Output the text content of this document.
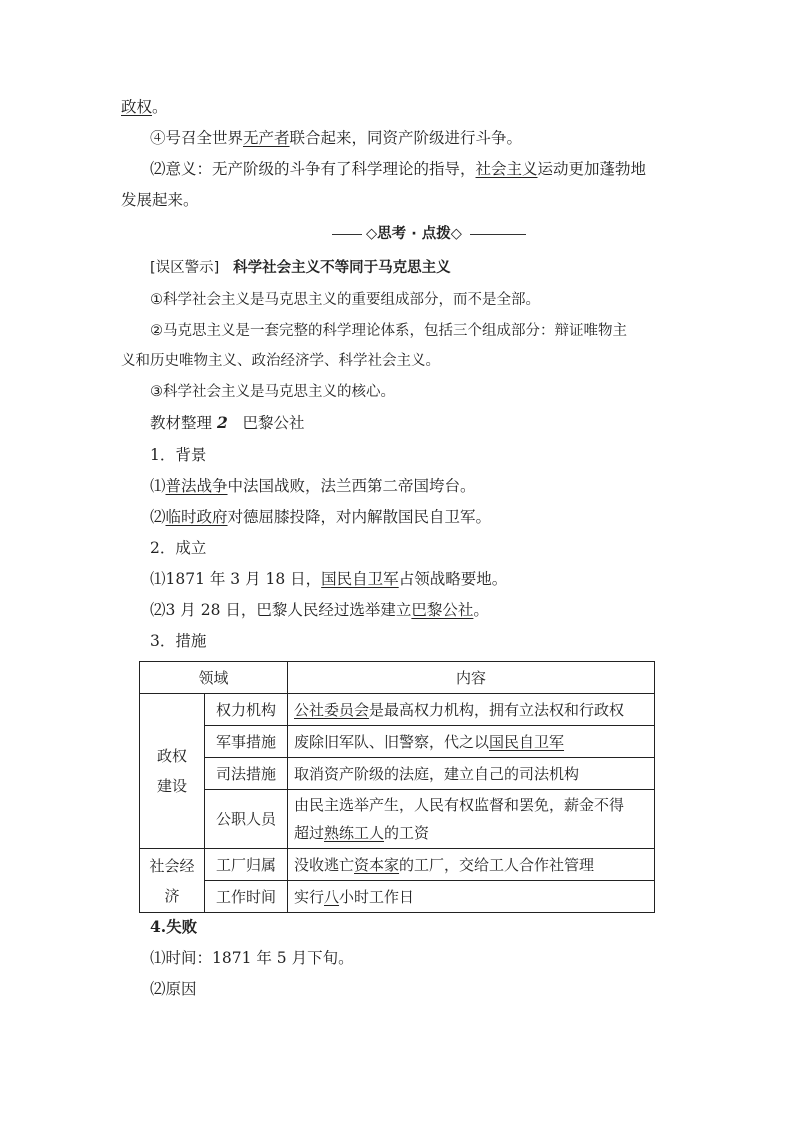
政权。
④号召全世界无产者联合起来，同资产阶级进行斗争。
⑵意义：无产阶级的斗争有了科学理论的指导，社会主义运动更加蓬勃地
发展起来。
◇思考 · 点拨◇
[误区警示] 科学社会主义不等同于马克思主义
①科学社会主义是马克思主义的重要组成部分，而不是全部。
②马克思主义是一套完整的科学理论体系，包括三个组成部分：辩证唯物主
义和历史唯物主义、政治经济学、科学社会主义。
③科学社会主义是马克思主义的核心。
教材整理 2 巴黎公社
1．背景
⑴普法战争中法国战败，法兰西第二帝国垮台。
⑵临时政府对德屈膝投降，对内解散国民自卫军。
2．成立
⑴1871 年 3 月 18 日，国民自卫军占领战略要地。
⑵3 月 28 日，巴黎人民经过选举建立巴黎公社。
3．措施
领域		内容
政权
建设	权力机构	公社委员会是最高权力机构，拥有立法权和行政权
	军事措施	废除旧军队、旧警察，代之以国民自卫军
	司法措施	取消资产阶级的法庭，建立自己的司法机构
	公职人员	由民主选举产生，人民有权监督和罢免，薪金不得
超过熟练工人的工资
社会经
济	工厂归属	没收逃亡资本家的工厂，交给工人合作社管理
	工作时间	实行八小时工作日
4.失败
⑴时间：1871 年 5 月下旬。
⑵原因
